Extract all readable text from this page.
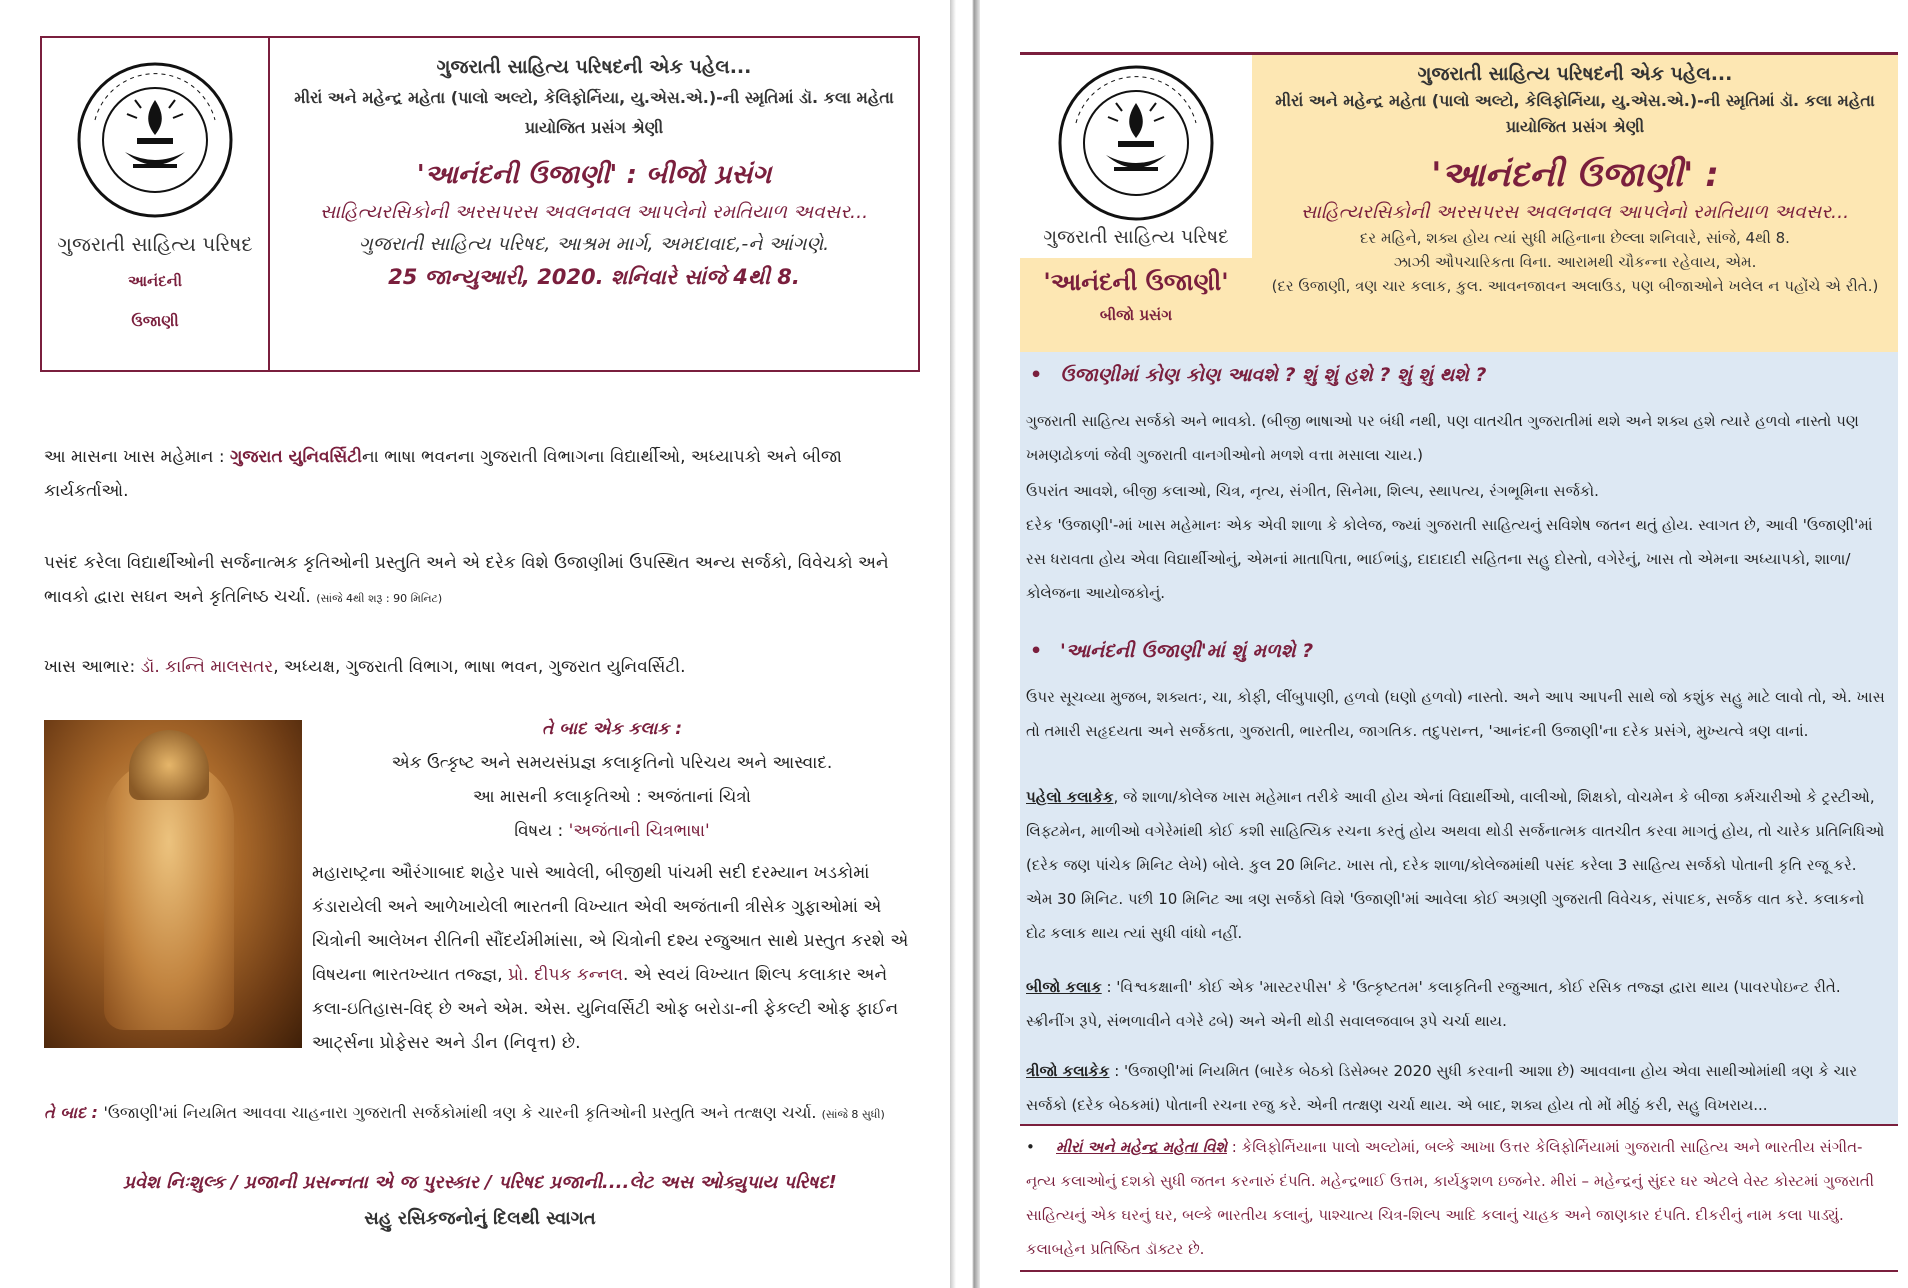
ગુજરાતી સાહિત્ય પરિષદ
આનંદની
ઉજાણી
ગુજરાતી સાહિત્ય પરિષદની એક પહેલ...
મીરાં અને મહેન્દ્ર મહેતા (પાલો અલ્ટો, કેલિફોર્નિયા, યુ.એસ.એ.)-ની સ્મૃતિમાં ડૉ. કલા મહેતા
પ્રાયોજિત પ્રસંગ શ્રેણી
'આનંદની ઉજાણી' : બીજો પ્રસંગ
સાહિત્યરસિકોની અરસપરસ અવલનવલ આપલેનો રમતિયાળ અવસર...
ગુજરાતી સાહિત્ય પરિષદ, આશ્રમ માર્ગ, અમદાવાદ,-ને આંગણે.
25 જાન્યુઆરી, 2020. શનિવારે સાંજે 4થી 8.
આ માસના ખાસ મહેમાન : ગુજરાત યુનિવર્સિટીના ભાષા ભવનના ગુજરાતી વિભાગના વિદ્યાર્થીઓ, અધ્યાપકો અને બીજા કાર્યકર્તાઓ.
પસંદ કરેલા વિદ્યાર્થીઓની સર્જનાત્મક કૃતિઓની પ્રસ્તુતિ અને એ દરેક વિશે ઉજાણીમાં ઉપસ્થિત અન્ય સર્જકો, વિવેચકો અને ભાવકો દ્વારા સઘન અને કૃતિનિષ્ઠ ચર્ચા. (સાંજે 4થી શરૂ : 90 મિનિટ)
ખાસ આભાર: ડૉ. કાન્તિ માલસતર, અધ્યક્ષ, ગુજરાતી વિભાગ, ભાષા ભવન, ગુજરાત યુનિવર્સિટી.
તે બાદ એક કલાક :
એક ઉત્કૃષ્ટ અને સમયસંપ્રજ્ઞ કલાકૃતિનો પરિચય અને આસ્વાદ.
આ માસની કલાકૃતિઓ : અજંતાનાં ચિત્રો
વિષય : 'અજંતાની ચિત્રભાષા'
મહારાષ્ટ્રના ઔરંગાબાદ શહેર પાસે આવેલી, બીજીથી પાંચમી સદી દરમ્યાન ખડકોમાં કંડારાયેલી અને આળેખાયેલી ભારતની વિખ્યાત એવી અજંતાની ત્રીસેક ગુફાઓમાં એ ચિત્રોની આલેખન રીતિની સૌંદર્યમીમાંસા, એ ચિત્રોની દશ્ય રજુઆત સાથે પ્રસ્તુત કરશે એ વિષયના ભારતખ્યાત તજ્જ્ઞ, પ્રો. દીપક કન્નલ. એ સ્વયં વિખ્યાત શિલ્પ કલાકાર અને કલા-ઇતિહાસ-વિદ્ છે અને એમ. એસ. યુનિવર્સિટી ઓફ બરોડા-ની ફેકલ્ટી ઓફ ફાઈન આર્ટ્સના પ્રોફેસર અને ડીન (નિવૃત્ત) છે.
તે બાદ : 'ઉજાણી'માં નિયમિત આવવા ચાહનારા ગુજરાતી સર્જકોમાંથી ત્રણ કે ચારની કૃતિઓની પ્રસ્તુતિ અને તત્ક્ષણ ચર્ચા. (સાંજે 8 સુધી)
પ્રવેશ નિઃશુલ્ક / પ્રજાની પ્રસન્નતા એ જ પુરસ્કાર / પરિષદ પ્રજાની....લેટ અસ ઓક્યુપાય પરિષદ!
સહુ રસિકજનોનું દિલથી સ્વાગત
ગુજરાતી સાહિત્ય પરિષદની એક પહેલ...
મીરાં અને મહેન્દ્ર મહેતા (પાલો અલ્ટો, કેલિફોર્નિયા, યુ.એસ.એ.)-ની સ્મૃતિમાં ડૉ. કલા મહેતા
પ્રાયોજિત પ્રસંગ શ્રેણી
'આનંદની ઉજાણી' :
સાહિત્યરસિકોની અરસપરસ અવલનવલ આપલેનો રમતિયાળ અવસર...
દર મહિને, શક્ય હોય ત્યાં સુધી મહિનાના છેલ્લા શનિવારે, સાંજે, 4થી 8.
ઝાઝી ઔપચારિકતા વિના. આરામથી ચૌકન્ના રહેવાય, એમ.
(દર ઉજાણી, ત્રણ ચાર કલાક, કુલ. આવનજાવન અલાઉડ, પણ બીજાઓને ખલેલ ન પહોંચે એ રીતે.)
ગુજરાતી સાહિત્ય પરિષદ
'આનંદની ઉજાણી'
બીજો પ્રસંગ
• ઉજાણીમાં કોણ કોણ આવશે ? શું શું હશે ? શું શું થશે ?
ગુજરાતી સાહિત્ય સર્જકો અને ભાવકો. (બીજી ભાષાઓ પર બંધી નથી, પણ વાતચીત ગુજરાતીમાં થશે અને શક્ય હશે ત્યારે હળવો નાસ્તો પણ ખમણઢોકળાં જેવી ગુજરાતી વાનગીઓનો મળશે વત્તા મસાલા ચાય.)
ઉપરાંત આવશે, બીજી કલાઓ, ચિત્ર, નૃત્ય, સંગીત, સિનેમા, શિલ્પ, સ્થાપત્ય, રંગભૂમિના સર્જકો.
દરેક 'ઉજાણી'-માં ખાસ મહેમાનઃ એક એવી શાળા કે કોલેજ, જ્યાં ગુજરાતી સાહિત્યનું સવિશેષ જતન થતું હોય. સ્વાગત છે, આવી 'ઉજાણી'માં રસ ધરાવતા હોય એવા વિદ્યાર્થીઓનું, એમનાં માતાપિતા, ભાઈભાંડુ, દાદાદાદી સહિતના સહુ દોસ્તો, વગેરેનું, ખાસ તો એમના અધ્યાપકો, શાળા/કોલેજના આયોજકોનું.
• 'આનંદની ઉજાણી'માં શું મળશે ?
ઉપર સૂચવ્યા મુજબ, શક્યતઃ, ચા, કોફી, લીંબુપાણી, હળવો (ઘણો હળવો) નાસ્તો. અને આપ આપની સાથે જો કશુંક સહુ માટે લાવો તો, એ. ખાસ તો તમારી સહૃદયતા અને સર્જકતા, ગુજરાતી, ભારતીય, જાગતિક. તદુપરાન્ત, 'આનંદની ઉજાણી'ના દરેક પ્રસંગે, મુખ્યત્વે ત્રણ વાનાં.
પહેલો કલાકેક, જે શાળા/કોલેજ ખાસ મહેમાન તરીકે આવી હોય એનાં વિદ્યાર્થીઓ, વાલીઓ, શિક્ષકો, વોચમેન કે બીજા કર્મચારીઓ કે ટ્રસ્ટીઓ, લિફ્ટમેન, માળીઓ વગેરેમાંથી કોઈ કશી સાહિત્યિક રચના કરતું હોય અથવા થોડી સર્જનાત્મક વાતચીત કરવા માગતું હોય, તો ચારેક પ્રતિનિધિઓ (દરેક જણ પાંચેક મિનિટ લેખે) બોલે. કુલ 20 મિનિટ. ખાસ તો, દરેક શાળા/કોલેજમાંથી પસંદ કરેલા 3 સાહિત્ય સર્જકો પોતાની કૃતિ રજૂ કરે. એમ 30 મિનિટ. પછી 10 મિનિટ આ ત્રણ સર્જકો વિશે 'ઉજાણી'માં આવેલા કોઈ અગ્રણી ગુજરાતી વિવેચક, સંપાદક, સર્જક વાત કરે. કલાકનો દોઢ કલાક થાય ત્યાં સુધી વાંધો નહીં.
બીજો કલાક : 'વિશ્વકક્ષાની' કોઈ એક 'માસ્ટરપીસ' કે 'ઉત્કૃષ્ટતમ' કલાકૃતિની રજુઆત, કોઈ રસિક તજ્જ્ઞ દ્વારા થાય (પાવરપોઇન્ટ રીતે. સ્ક્રીનીંગ રૂપે, સંભળાવીને વગેરે ઢબે) અને એની થોડી સવાલજવાબ રૂપે ચર્ચા થાય.
ત્રીજો કલાકેક : 'ઉજાણી'માં નિયમિત (બારેક બેઠકો ડિસેમ્બર 2020 સુધી કરવાની આશા છે) આવવાના હોય એવા સાથીઓમાંથી ત્રણ કે ચાર સર્જકો (દરેક બેઠકમાં) પોતાની રચના રજુ કરે. એની તત્ક્ષણ ચર્ચા થાય. એ બાદ, શક્ય હોય તો મોં મીઠું કરી, સહુ વિખરાય...
• મીરાં અને મહેન્દ્ર મહેતા વિશે : કેલિફોર્નિયાના પાલો અલ્ટોમાં, બલ્કે આખા ઉત્તર કેલિફોર્નિયામાં ગુજરાતી સાહિત્ય અને ભારતીય સંગીત-નૃત્ય કલાઓનું દશકો સુધી જતન કરનારું દંપતિ. મહેન્દ્રભાઈ ઉત્તમ, કાર્યકુશળ ઇજનેર. મીરાં – મહેન્દ્રનું સુંદર ઘર એટલે વેસ્ટ કોસ્ટમાં ગુજરાતી સાહિત્યનું એક ઘરનું ઘર, બલ્કે ભારતીય કલાનું, પાશ્ચાત્ય ચિત્ર-શિલ્પ આદિ કલાનું ચાહક અને જાણકાર દંપતિ. દીકરીનું નામ કલા પાડ્યું. કલાબહેન પ્રતિષ્ઠિત ડૉક્ટર છે.
